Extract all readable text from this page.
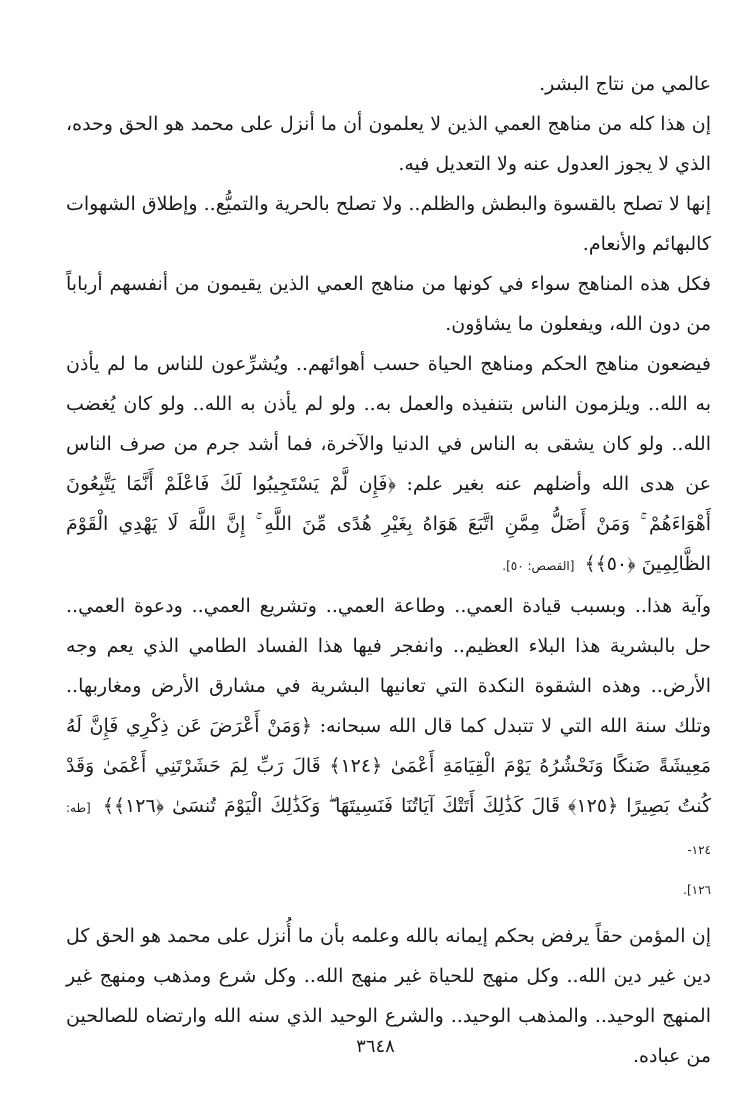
عالمي من نتاج البشر.

إن هذا كله من مناهج العمي الذين لا يعلمون أن ما أنزل على محمد هو الحق وحده، الذي لا يجوز العدول عنه ولا التعديل فيه.

إنها لا تصلح بالقسوة والبطش والظلم.. ولا تصلح بالحرية والتميُّع.. وإطلاق الشهوات كالبهائم والأنعام.

فكل هذه المناهج سواء في كونها من مناهج العمي الذين يقيمون من أنفسهم أرباباً من دون الله، ويفعلون ما يشاؤون.

فيضعون مناهج الحكم ومناهج الحياة حسب أهوائهم.. ويُشرِّعون للناس ما لم يأذن به الله.. ويلزمون الناس بتنفيذه والعمل به.. ولو لم يأذن به الله.. ولو كان يُغضب الله.. ولو كان يشقى به الناس في الدنيا والآخرة، فما أشد جرم من صرف الناس عن هدى الله وأضلهم عنه بغير علم: ﴿فَإِن لَّمْ يَسْتَجِيبُوا لَكَ فَاعْلَمْ أَنَّمَا يَتَّبِعُونَ أَهْوَاءَهُمْ ۚ وَمَنْ أَضَلُّ مِمَّنِ اتَّبَعَ هَوَاهُ بِغَيْرِ هُدًى مِّنَ اللَّهِ ۚ إِنَّ اللَّهَ لَا يَهْدِي الْقَوْمَ الظَّالِمِينَ ﴿٥٠﴾﴾ [القصص: ٥٠].

وآية هذا.. وبسبب قيادة العمي.. وطاعة العمي.. وتشريع العمي.. ودعوة العمي.. حل بالبشرية هذا البلاء العظيم.. وانفجر فيها هذا الفساد الطامي الذي يعم وجه الأرض.. وهذه الشقوة النكدة التي تعانيها البشرية في مشارق الأرض ومغاربها.. وتلك سنة الله التي لا تتبدل كما قال الله سبحانه: ﴿وَمَنْ أَعْرَضَ عَن ذِكْرِي فَإِنَّ لَهُ مَعِيشَةً ضَنكًا وَنَحْشُرُهُ يَوْمَ الْقِيَامَةِ أَعْمَىٰ ﴿١٢٤﴾ قَالَ رَبِّ لِمَ حَشَرْتَنِي أَعْمَىٰ وَقَدْ كُنتُ بَصِيرًا ﴿١٢٥﴾ قَالَ كَذَٰلِكَ أَتَتْكَ آيَاتُنَا فَنَسِيتَهَا ۖ وَكَذَٰلِكَ الْيَوْمَ تُنسَىٰ ﴿١٢٦﴾﴾ [طه: ١٢٤-

١٢٦].

إن المؤمن حقاً يرفض بحكم إيمانه بالله وعلمه بأن ما أُنزل على محمد هو الحق كل دين غير دين الله.. وكل منهج للحياة غير منهج الله.. وكل شرع ومذهب ومنهج غير المنهج الوحيد.. والمذهب الوحيد.. والشرع الوحيد الذي سنه الله وارتضاه للصالحين من عباده.

٣٦٤٨
